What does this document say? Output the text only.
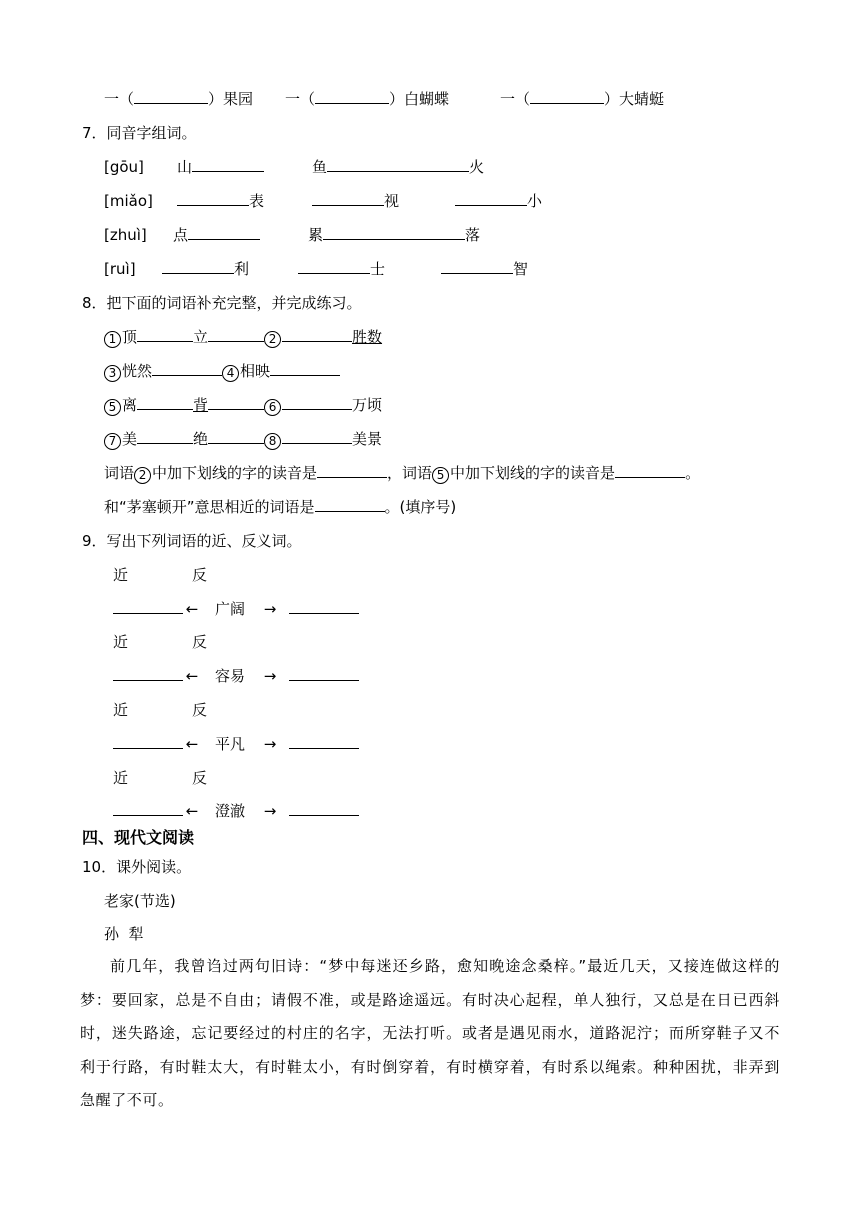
一（	）果园 一（	）白蝴蝶	一（	）大蜻蜓
7．同音字组词。
[gōu] 山	鱼	火
[miǎo]	表	视	小
[zhuì] 点	累	落
[ruì]	利	士	智
8．把下面的词语补充完整，并完成练习。
1 顶	立	2	胜数
3 恍然	4 相映
5 离	背	6	万顷
7 美	绝	8	美景
词语 2 中加下划线的字的读音是	，词语 5 中加下划线的字的读音是	。
和“茅塞顿开”意思相近的词语是	。(填序号)
9．写出下列词语的近、反义词。
近	反
← 广阔 →
近	反
← 容易 →
近	反
← 平凡 →
近	反
← 澄澈 →
四、现代文阅读
10．课外阅读。
老家(节选)
孙  犁
前几年，我曾诌过两句旧诗：“梦中每迷还乡路，愈知晚途念桑梓。”最近几天，又接连做这样的梦：要回家，总是不自由；请假不准，或是路途遥远。有时决心起程，单人独行，又总是在日已西斜时，迷失路途，忘记要经过的村庄的名字，无法打听。或者是遇见雨水，道路泥泞；而所穿鞋子又不利于行路，有时鞋太大，有时鞋太小，有时倒穿着，有时横穿着，有时系以绳索。种种困扰，非弄到急醒了不可。
